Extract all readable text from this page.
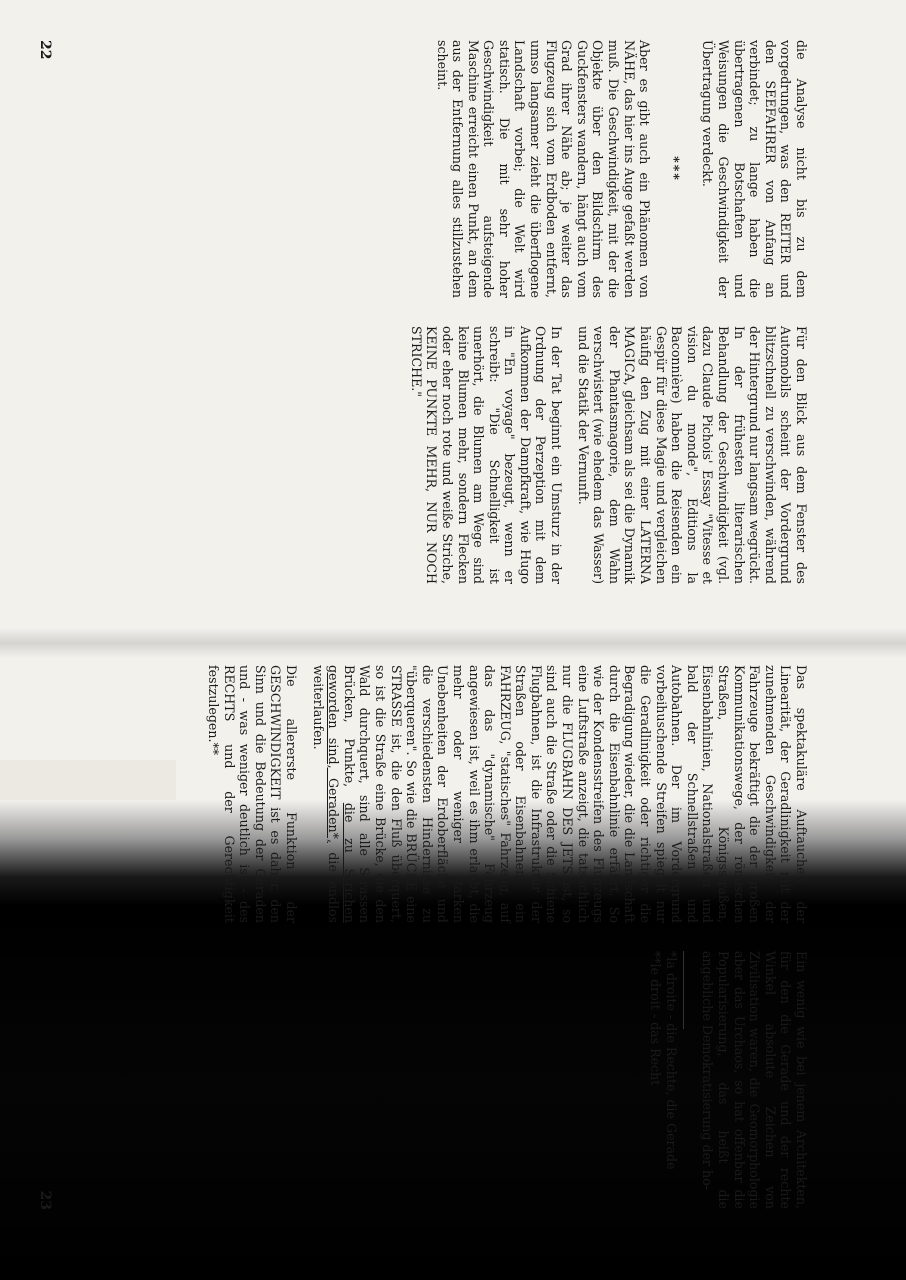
die Analyse nicht bis zu dem vorgedrungen, was den REITER und den SEEFAHRER von Anfang an verbindet; zu lange haben die übertragenen Botschaften und Weisungen die Geschwindigkeit der Übertragung verdeckt.

***

Aber es gibt auch ein Phänomen von NÄHE, das hier ins Auge gefaßt werden muß. Die Geschwindigkeit, mit der die Objekte über den Bildschirm des Guckfensters wandern, hängt auch vom Grad ihrer Nähe ab; je weiter das Flugzeug sich vom Erdboden entfernt, umso langsamer zieht die überflogene Landschaft vorbei; die Welt wird statisch. Die mit sehr hoher Geschwindigkeit aufsteigende Maschine erreicht einen Punkt, an dem aus der Entfernung alles stillzustehen scheint.

Für den Blick aus dem Fenster des Automobils scheint der Vordergrund blitzschnell zu verschwinden, während der Hintergrund nur langsam wegrückt. In der frühesten literarischen Behandlung der Geschwindigkeit (vgl. dazu Claude Pichois' Essay "Vitesse et vision du monde", Editions la Baconnière) haben die Reisenden ein Gespür für diese Magie und vergleichen häufig den Zug mit einer LATERNA MAGICA, gleichsam als sei die Dynamik der Phantasmagorie, dem Wahn verschwistert (wie ehedem das Wasser) und die Statik der Vernunft.

In der Tat beginnt ein Umsturz in der Ordnung der Perzeption mit dem Aufkommen der Dampfkraft, wie Hugo in "En voyage" bezeugt, wenn er schreibt: "Die Schnelligkeit ist unerhört, die Blumen am Wege sind keine Blumen mehr, sondern Flecken oder eher noch rote und weiße Striche, KEINE PUNKTE MEHR, NUR NOCH STRICHE."

22

Das spektakuläre Auftauchen der Linearität, der Geradlinigkeit mit der zunehmenden Geschwindigkeit der Fahrzeuge bekräftigt die der großen Kommunikationswege, der römischen Straßen, Königsstraßen, Eisenbahnlinien, Nationalstraßen und bald der Schnellstraßen und Autobahnen. Der im Vordergrund vorbeihuschende Streifen spiegelt nur die Geradlinigkeit oder richtiger die Begradigung wieder, die die Landschaft durch die Eisenbahnlinie erfährt. So wie der Kondensstreifen des Flugzeugs eine Luftstraße anzeigt, die tatsächlich nur die FLUGBAHN DES JETS ist, so sind auch die Straße oder die Schiene Flugbahnen, ist die Infrastruktur der Straßen oder Eisenbahnen ein FAHRZEUG, "statisches" Fahrzeug, auf das das "dynamische" Fahrzeug angewiesen ist, weil es ihm erlaubt, die mehr oder weniger starken Unebenheiten der Erdoberfläche und die verschiedensten Hindernisse zu "überqueren". So wie die BRÜCKE eine STRASSE ist, die den Fluß überquert, so ist die Straße eine Brücke, die den Wald durchquert, sind alle Strassen Brücken, Punkte, die zu Strichen geworden sind, Geraden*, die endlos weiterlaufen.

Die allererste Funktion der GESCHWINDIGKEIT ist es daher, den Sinn und die Bedeutung der Geraden und - was weniger deutlich ist - des RECHTS und der Gerechtigkeit festzulegen.**

Ein wenig wie bei jenem Architekten, für den die Gerade und der rechte Winkel absolute Zeichen von Zivilisation waren, die Geomorphologie aber das Urchaos, so hat offenbar die Popularisierung, das heißt die angebliche Demokratisierung der ho-

*la droite - die Rechte, die Gerade

**le droit - das Recht

23
